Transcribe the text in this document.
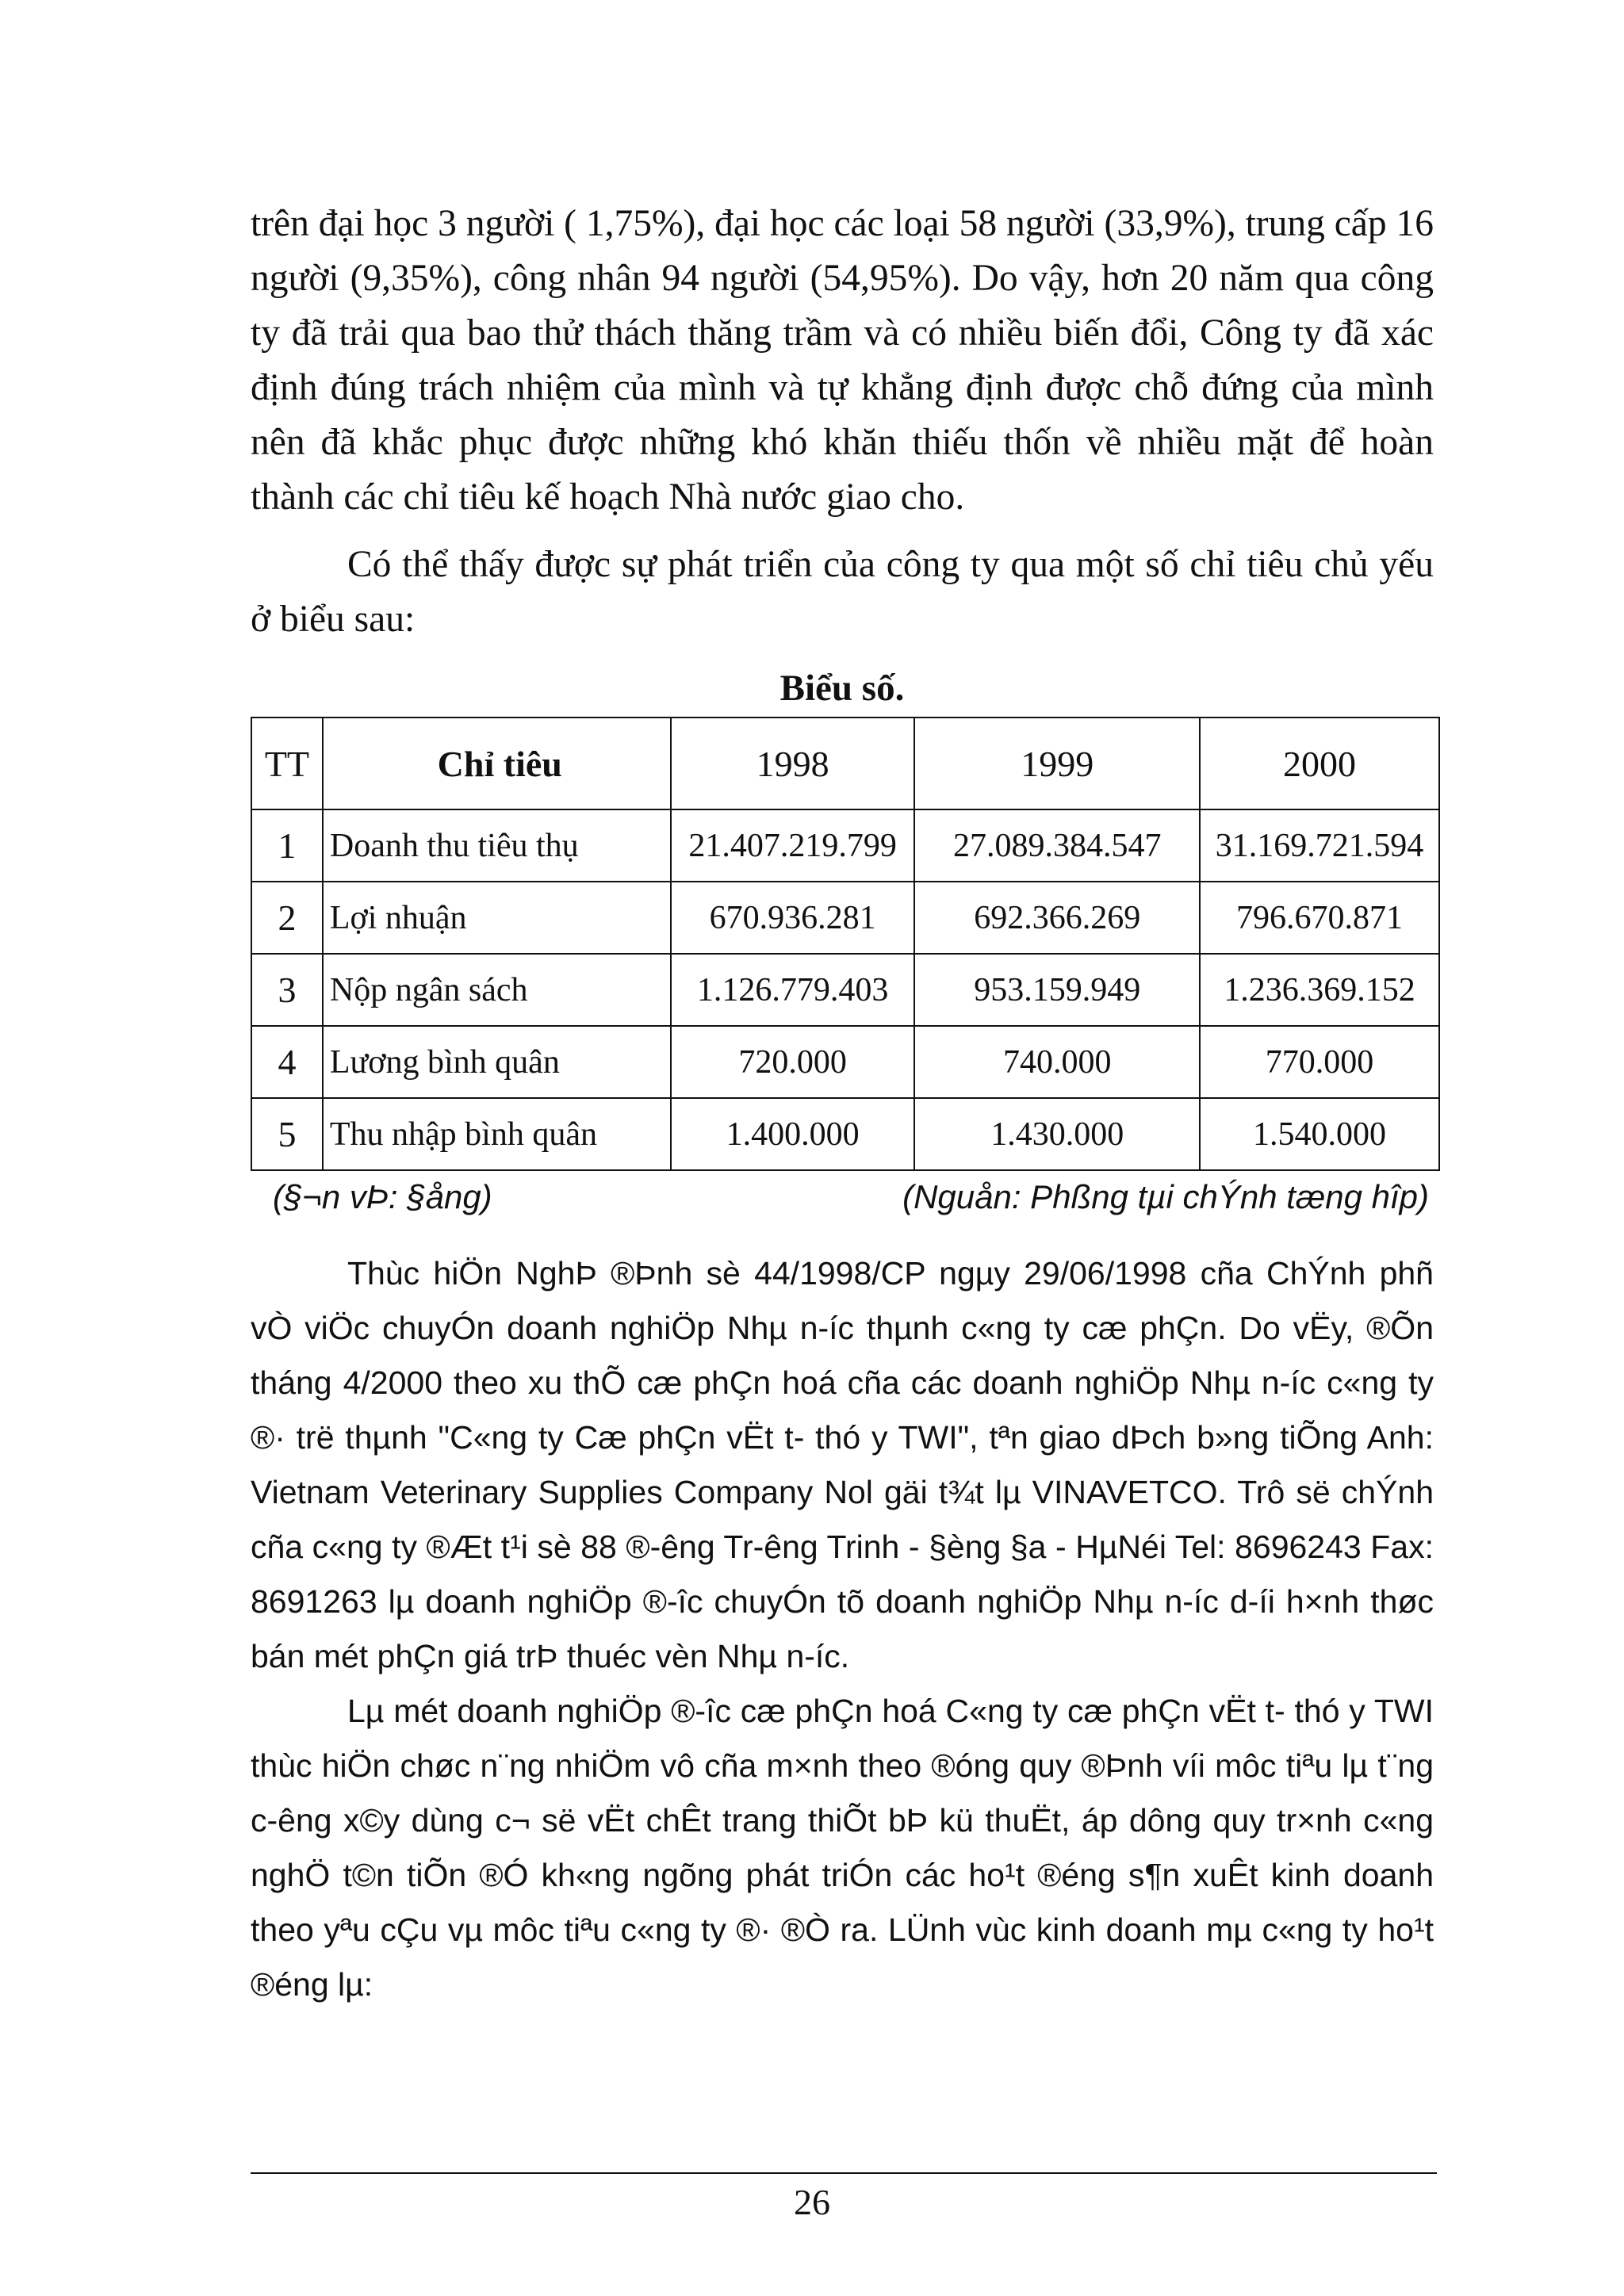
trên đại học 3 người ( 1,75%), đại học các loại 58 người (33,9%), trung cấp 16 người (9,35%), công nhân 94 người (54,95%). Do vậy, hơn 20 năm qua công ty đã trải qua bao thử thách thăng trầm và có nhiều biến đổi, Công ty đã xác định đúng trách nhiệm của mình và tự khẳng định được chỗ đứng của mình nên đã khắc phục được những khó khăn thiếu thốn về nhiều mặt để hoàn thành các chỉ tiêu kế hoạch Nhà nước giao cho.

Có thể thấy được sự phát triển của công ty qua một số chỉ tiêu chủ yếu ở biểu sau:

Biểu số.
TT	Chỉ tiêu	1998	1999	2000
1	Doanh thu tiêu thụ	21.407.219.799	27.089.384.547	31.169.721.594
2	Lợi nhuận	670.936.281	692.366.269	796.670.871
3	Nộp ngân sách	1.126.779.403	953.159.949	1.236.369.152
4	Lương bình quân	720.000	740.000	770.000
5	Thu nhập bình quân	1.400.000	1.430.000	1.540.000
(§¬n vÞ: §ång)	(Nguån: Phßng tµi chÝnh tæng hîp)

Thùc hiÖn NghÞ ®Þnh sè 44/1998/CP ngµy 29/06/1998 cña ChÝnh phñ vÒ viÖc chuyÓn doanh nghiÖp Nhµ n-íc thµnh c«ng ty cæ phÇn. Do vËy, ®Õn tháng 4/2000 theo xu thÕ cæ phÇn hoá cña các doanh nghiÖp Nhµ n-íc c«ng ty ®· trë thµnh "C«ng ty Cæ phÇn vËt t- thó y TWI", tªn giao dÞch b»ng tiÕng Anh: Vietnam Veterinary Supplies Company Nol gäi t¾t lµ VINAVETCO. Trô së chÝnh cña c«ng ty ®Æt t¹i sè 88 ®-êng Tr-êng Trinh - §èng §a - HµNéi Tel: 8696243 Fax: 8691263 lµ doanh nghiÖp ®-îc chuyÓn tõ doanh nghiÖp Nhµ n-íc d-íi h×nh thøc bán mét phÇn giá trÞ thuéc vèn Nhµ n-íc.

Lµ mét doanh nghiÖp ®-îc cæ phÇn hoá C«ng ty cæ phÇn vËt t- thó y TWI thùc hiÖn chøc n¨ng nhiÖm vô cña m×nh theo ®óng quy ®Þnh víi môc tiªu lµ t¨ng c-êng x©y dùng c¬ së vËt chÊt trang thiÕt bÞ kü thuËt, áp dông quy tr×nh c«ng nghÖ t©n tiÕn ®Ó kh«ng ngõng phát triÓn các ho¹t ®éng s¶n xuÊt kinh doanh theo yªu cÇu vµ môc tiªu c«ng ty ®· ®Ò ra. LÜnh vùc kinh doanh mµ c«ng ty ho¹t ®éng lµ:

26
